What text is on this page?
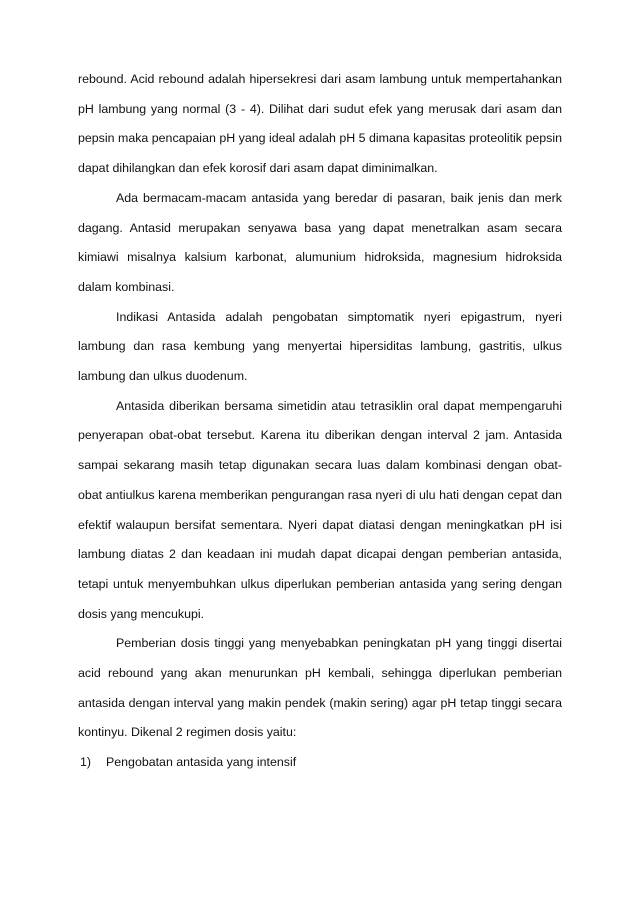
rebound. Acid rebound adalah hipersekresi dari asam lambung untuk mempertahankan pH lambung yang normal (3 - 4). Dilihat dari sudut efek yang merusak dari asam dan pepsin maka pencapaian pH yang ideal adalah pH 5 dimana kapasitas proteolitik pepsin dapat dihilangkan dan efek korosif dari asam dapat diminimalkan.

Ada bermacam-macam antasida yang beredar di pasaran, baik jenis dan merk dagang. Antasid merupakan senyawa basa yang dapat menetralkan asam secara kimiawi misalnya kalsium karbonat, alumunium hidroksida, magnesium hidroksida dalam kombinasi.

Indikasi Antasida adalah pengobatan simptomatik nyeri epigastrum, nyeri lambung dan rasa kembung yang menyertai hipersiditas lambung, gastritis, ulkus lambung dan ulkus duodenum.

Antasida diberikan bersama simetidin atau tetrasiklin oral dapat mempengaruhi penyerapan obat-obat tersebut. Karena itu diberikan dengan interval 2 jam. Antasida sampai sekarang masih tetap digunakan secara luas dalam kombinasi dengan obat-obat antiulkus karena memberikan pengurangan rasa nyeri di ulu hati dengan cepat dan efektif walaupun bersifat sementara. Nyeri dapat diatasi dengan meningkatkan pH isi lambung diatas 2 dan keadaan ini mudah dapat dicapai dengan pemberian antasida, tetapi untuk menyembuhkan ulkus diperlukan pemberian antasida yang sering dengan dosis yang mencukupi.

Pemberian dosis tinggi yang menyebabkan peningkatan pH yang tinggi disertai acid rebound yang akan menurunkan pH kembali, sehingga diperlukan pemberian antasida dengan interval yang makin pendek (makin sering) agar pH tetap tinggi secara kontinyu. Dikenal 2 regimen dosis yaitu:

1) Pengobatan antasida yang intensif
